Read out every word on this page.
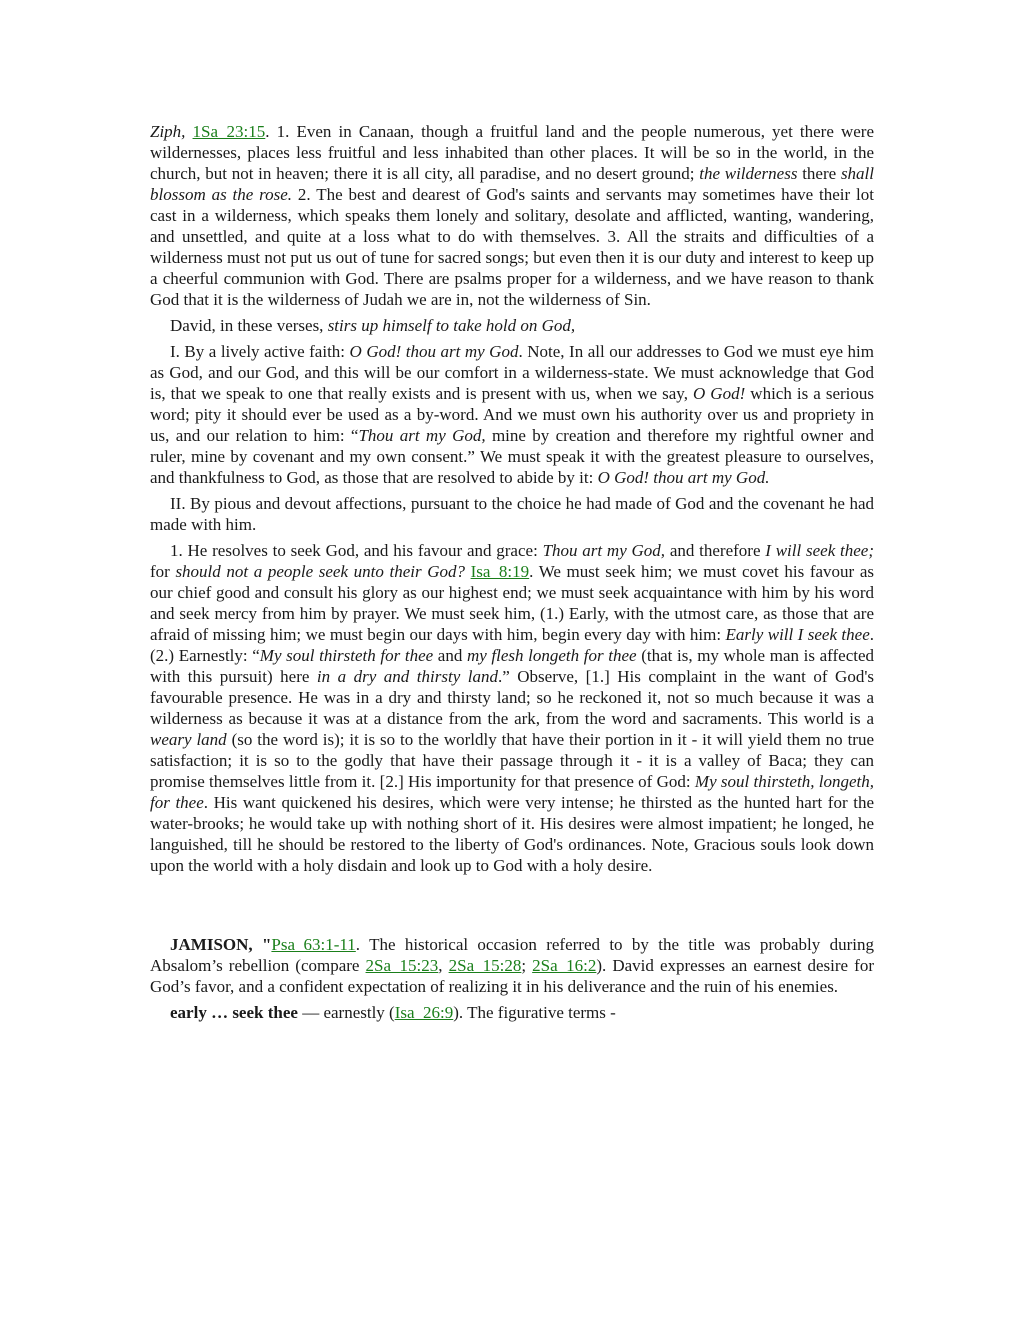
Ziph, 1Sa_23:15. 1. Even in Canaan, though a fruitful land and the people numerous, yet there were wildernesses, places less fruitful and less inhabited than other places. It will be so in the world, in the church, but not in heaven; there it is all city, all paradise, and no desert ground; the wilderness there shall blossom as the rose. 2. The best and dearest of God's saints and servants may sometimes have their lot cast in a wilderness, which speaks them lonely and solitary, desolate and afflicted, wanting, wandering, and unsettled, and quite at a loss what to do with themselves. 3. All the straits and difficulties of a wilderness must not put us out of tune for sacred songs; but even then it is our duty and interest to keep up a cheerful communion with God. There are psalms proper for a wilderness, and we have reason to thank God that it is the wilderness of Judah we are in, not the wilderness of Sin.

David, in these verses, stirs up himself to take hold on God,

I. By a lively active faith: O God! thou art my God. Note, In all our addresses to God we must eye him as God, and our God, and this will be our comfort in a wilderness-state. We must acknowledge that God is, that we speak to one that really exists and is present with us, when we say, O God! which is a serious word; pity it should ever be used as a by-word. And we must own his authority over us and propriety in us, and our relation to him: “Thou art my God, mine by creation and therefore my rightful owner and ruler, mine by covenant and my own consent.” We must speak it with the greatest pleasure to ourselves, and thankfulness to God, as those that are resolved to abide by it: O God! thou art my God.

II. By pious and devout affections, pursuant to the choice he had made of God and the covenant he had made with him.

1. He resolves to seek God, and his favour and grace: Thou art my God, and therefore I will seek thee; for should not a people seek unto their God? Isa_8:19. We must seek him; we must covet his favour as our chief good and consult his glory as our highest end; we must seek acquaintance with him by his word and seek mercy from him by prayer. We must seek him, (1.) Early, with the utmost care, as those that are afraid of missing him; we must begin our days with him, begin every day with him: Early will I seek thee. (2.) Earnestly: “My soul thirsteth for thee and my flesh longeth for thee (that is, my whole man is affected with this pursuit) here in a dry and thirsty land.” Observe, [1.] His complaint in the want of God's favourable presence. He was in a dry and thirsty land; so he reckoned it, not so much because it was a wilderness as because it was at a distance from the ark, from the word and sacraments. This world is a weary land (so the word is); it is so to the worldly that have their portion in it - it will yield them no true satisfaction; it is so to the godly that have their passage through it - it is a valley of Baca; they can promise themselves little from it. [2.] His importunity for that presence of God: My soul thirsteth, longeth, for thee. His want quickened his desires, which were very intense; he thirsted as the hunted hart for the water-brooks; he would take up with nothing short of it. His desires were almost impatient; he longed, he languished, till he should be restored to the liberty of God's ordinances. Note, Gracious souls look down upon the world with a holy disdain and look up to God with a holy desire.

JAMISON, "Psa_63:1-11. The historical occasion referred to by the title was probably during Absalom’s rebellion (compare 2Sa_15:23, 2Sa_15:28; 2Sa_16:2). David expresses an earnest desire for God’s favor, and a confident expectation of realizing it in his deliverance and the ruin of his enemies.

early … seek thee — earnestly (Isa_26:9). The figurative terms -
